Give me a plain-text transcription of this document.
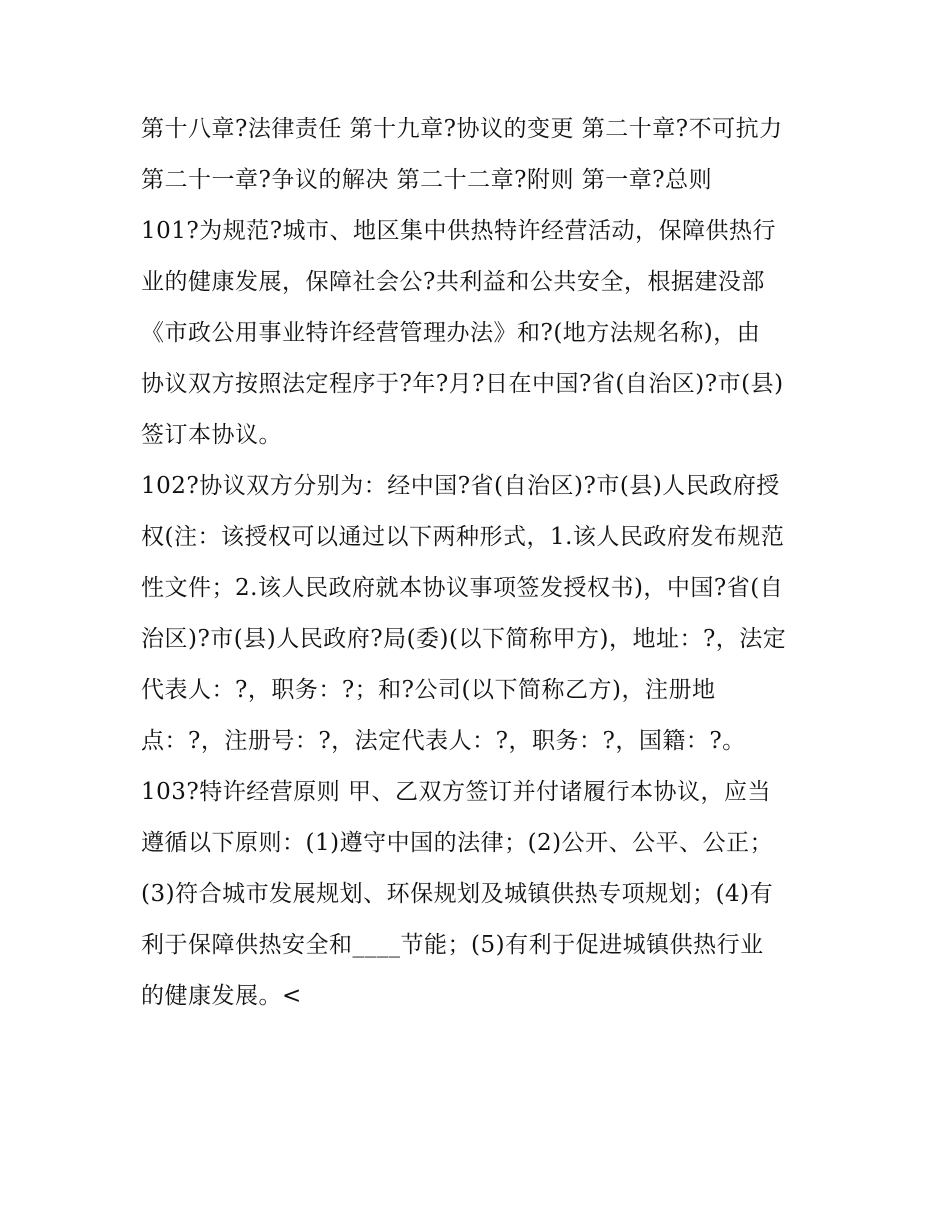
第十八章?法律责任 第十九章?协议的变更 第二十章?不可抗力
第二十一章?争议的解决 第二十二章?附则 第一章?总则
101?为规范?城市、地区集中供热特许经营活动，保障供热行
业的健康发展，保障社会公?共利益和公共安全，根据建没部
《市政公用事业特许经营管理办法》和?(地方法规名称)，由
协议双方按照法定程序于?年?月?日在中国?省(自治区)?市(县)
签订本协议。
102?协议双方分别为：经中国?省(自治区)?市(县)人民政府授
权(注：该授权可以通过以下两种形式，1.该人民政府发布规范
性文件；2.该人民政府就本协议事项签发授权书)，中国?省(自
治区)?市(县)人民政府?局(委)(以下简称甲方)，地址：?，法定
代表人：?，职务：?；和?公司(以下简称乙方)，注册地
点：?，注册号：?，法定代表人：?，职务：?，国籍：?。
103?特许经营原则 甲、乙双方签订并付诸履行本协议，应当
遵循以下原则：(1)遵守中国的法律；(2)公开、公平、公正；
(3)符合城市发展规划、环保规划及城镇供热专项规划；(4)有
利于保障供热安全和____节能；(5)有利于促进城镇供热行业
的健康发展。<
